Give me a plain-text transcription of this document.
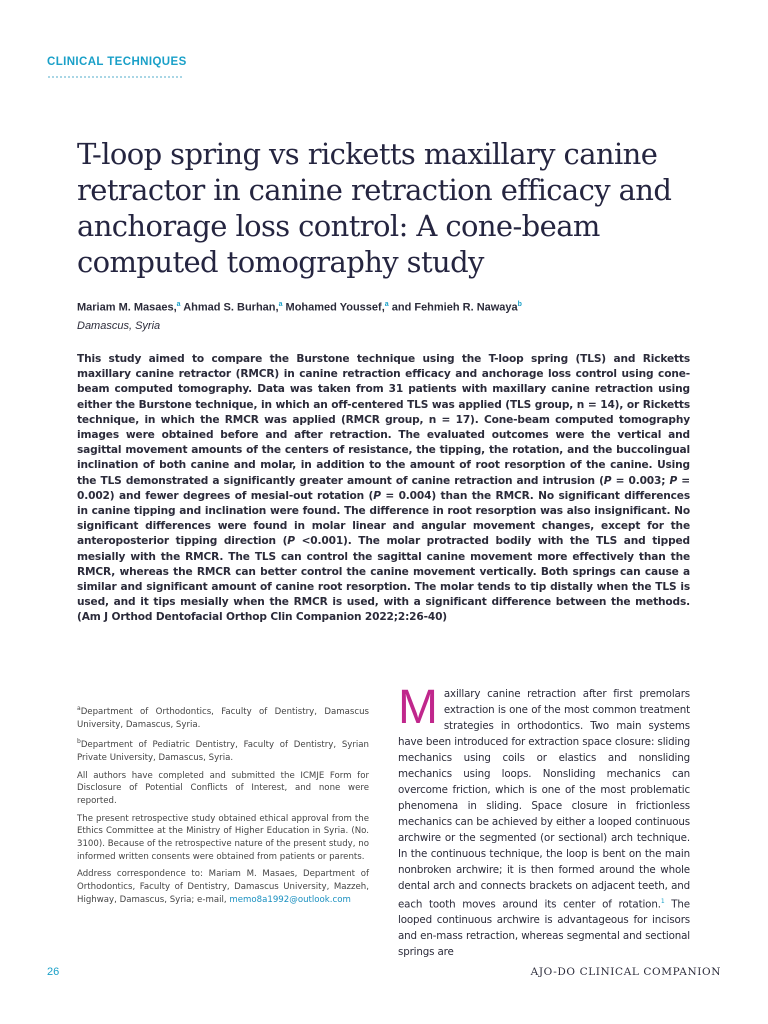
CLINICAL TECHNIQUES
T-loop spring vs ricketts maxillary canine retractor in canine retraction efficacy and anchorage loss control: A cone-beam computed tomography study
Mariam M. Masaes,$^a$ Ahmad S. Burhan,$^a$ Mohamed Youssef,$^a$ and Fehmieh R. Nawaya$^b$
Damascus, Syria

This study aimed to compare the Burstone technique using the T-loop spring (TLS) and Ricketts maxillary canine retractor (RMCR) in canine retraction efficacy and anchorage loss control using cone-beam computed tomography. Data was taken from 31 patients with maxillary canine retraction using either the Burstone technique, in which an off-centered TLS was applied (TLS group, n = 14), or Ricketts technique, in which the RMCR was applied (RMCR group, n = 17). Cone-beam computed tomography images were obtained before and after retraction. The evaluated outcomes were the vertical and sagittal movement amounts of the centers of resistance, the tipping, the rotation, and the buccolingual inclination of both canine and molar, in addition to the amount of root resorption of the canine. Using the TLS demonstrated a significantly greater amount of canine retraction and intrusion (P = 0.003; P = 0.002) and fewer degrees of mesial-out rotation (P = 0.004) than the RMCR. No significant differences in canine tipping and inclination were found. The difference in root resorption was also insignificant. No significant differences were found in molar linear and angular movement changes, except for the anteroposterior tipping direction (P <0.001). The molar protracted bodily with the TLS and tipped mesially with the RMCR. The TLS can control the sagittal canine movement more effectively than the RMCR, whereas the RMCR can better control the canine movement vertically. Both springs can cause a similar and significant amount of canine root resorption. The molar tends to tip distally when the TLS is used, and it tips mesially when the RMCR is used, with a significant difference between the methods. (Am J Orthod Dentofacial Orthop Clin Companion 2022;2:26-40)

$^a$Department of Orthodontics, Faculty of Dentistry, Damascus University, Damascus, Syria.

$^b$Department of Pediatric Dentistry, Faculty of Dentistry, Syrian Private University, Damascus, Syria.

All authors have completed and submitted the ICMJE Form for Disclosure of Potential Conflicts of Interest, and none were reported.

The present retrospective study obtained ethical approval from the Ethics Committee at the Ministry of Higher Education in Syria. (No. 3100). Because of the retrospective nature of the present study, no informed written consents were obtained from patients or parents.

Address correspondence to: Mariam M. Masaes, Department of Orthodontics, Faculty of Dentistry, Damascus University, Mazzeh, Highway, Damascus, Syria; e-mail, memo8a1992@outlook.com

Maxillary canine retraction after first premolars extraction is one of the most common treatment strategies in orthodontics. Two main systems have been introduced for extraction space closure: sliding mechanics using coils or elastics and nonsliding mechanics using loops. Nonsliding mechanics can overcome friction, which is one of the most problematic phenomena in sliding. Space closure in frictionless mechanics can be achieved by either a looped continuous archwire or the segmented (or sectional) arch technique. In the continuous technique, the loop is bent on the main nonbroken archwire; it is then formed around the whole dental arch and connects brackets on adjacent teeth, and each tooth moves around its center of rotation.$^1$ The looped continuous archwire is advantageous for incisors and en-mass retraction, whereas segmental and sectional springs are

26	AJO-DO CLINICAL COMPANION
